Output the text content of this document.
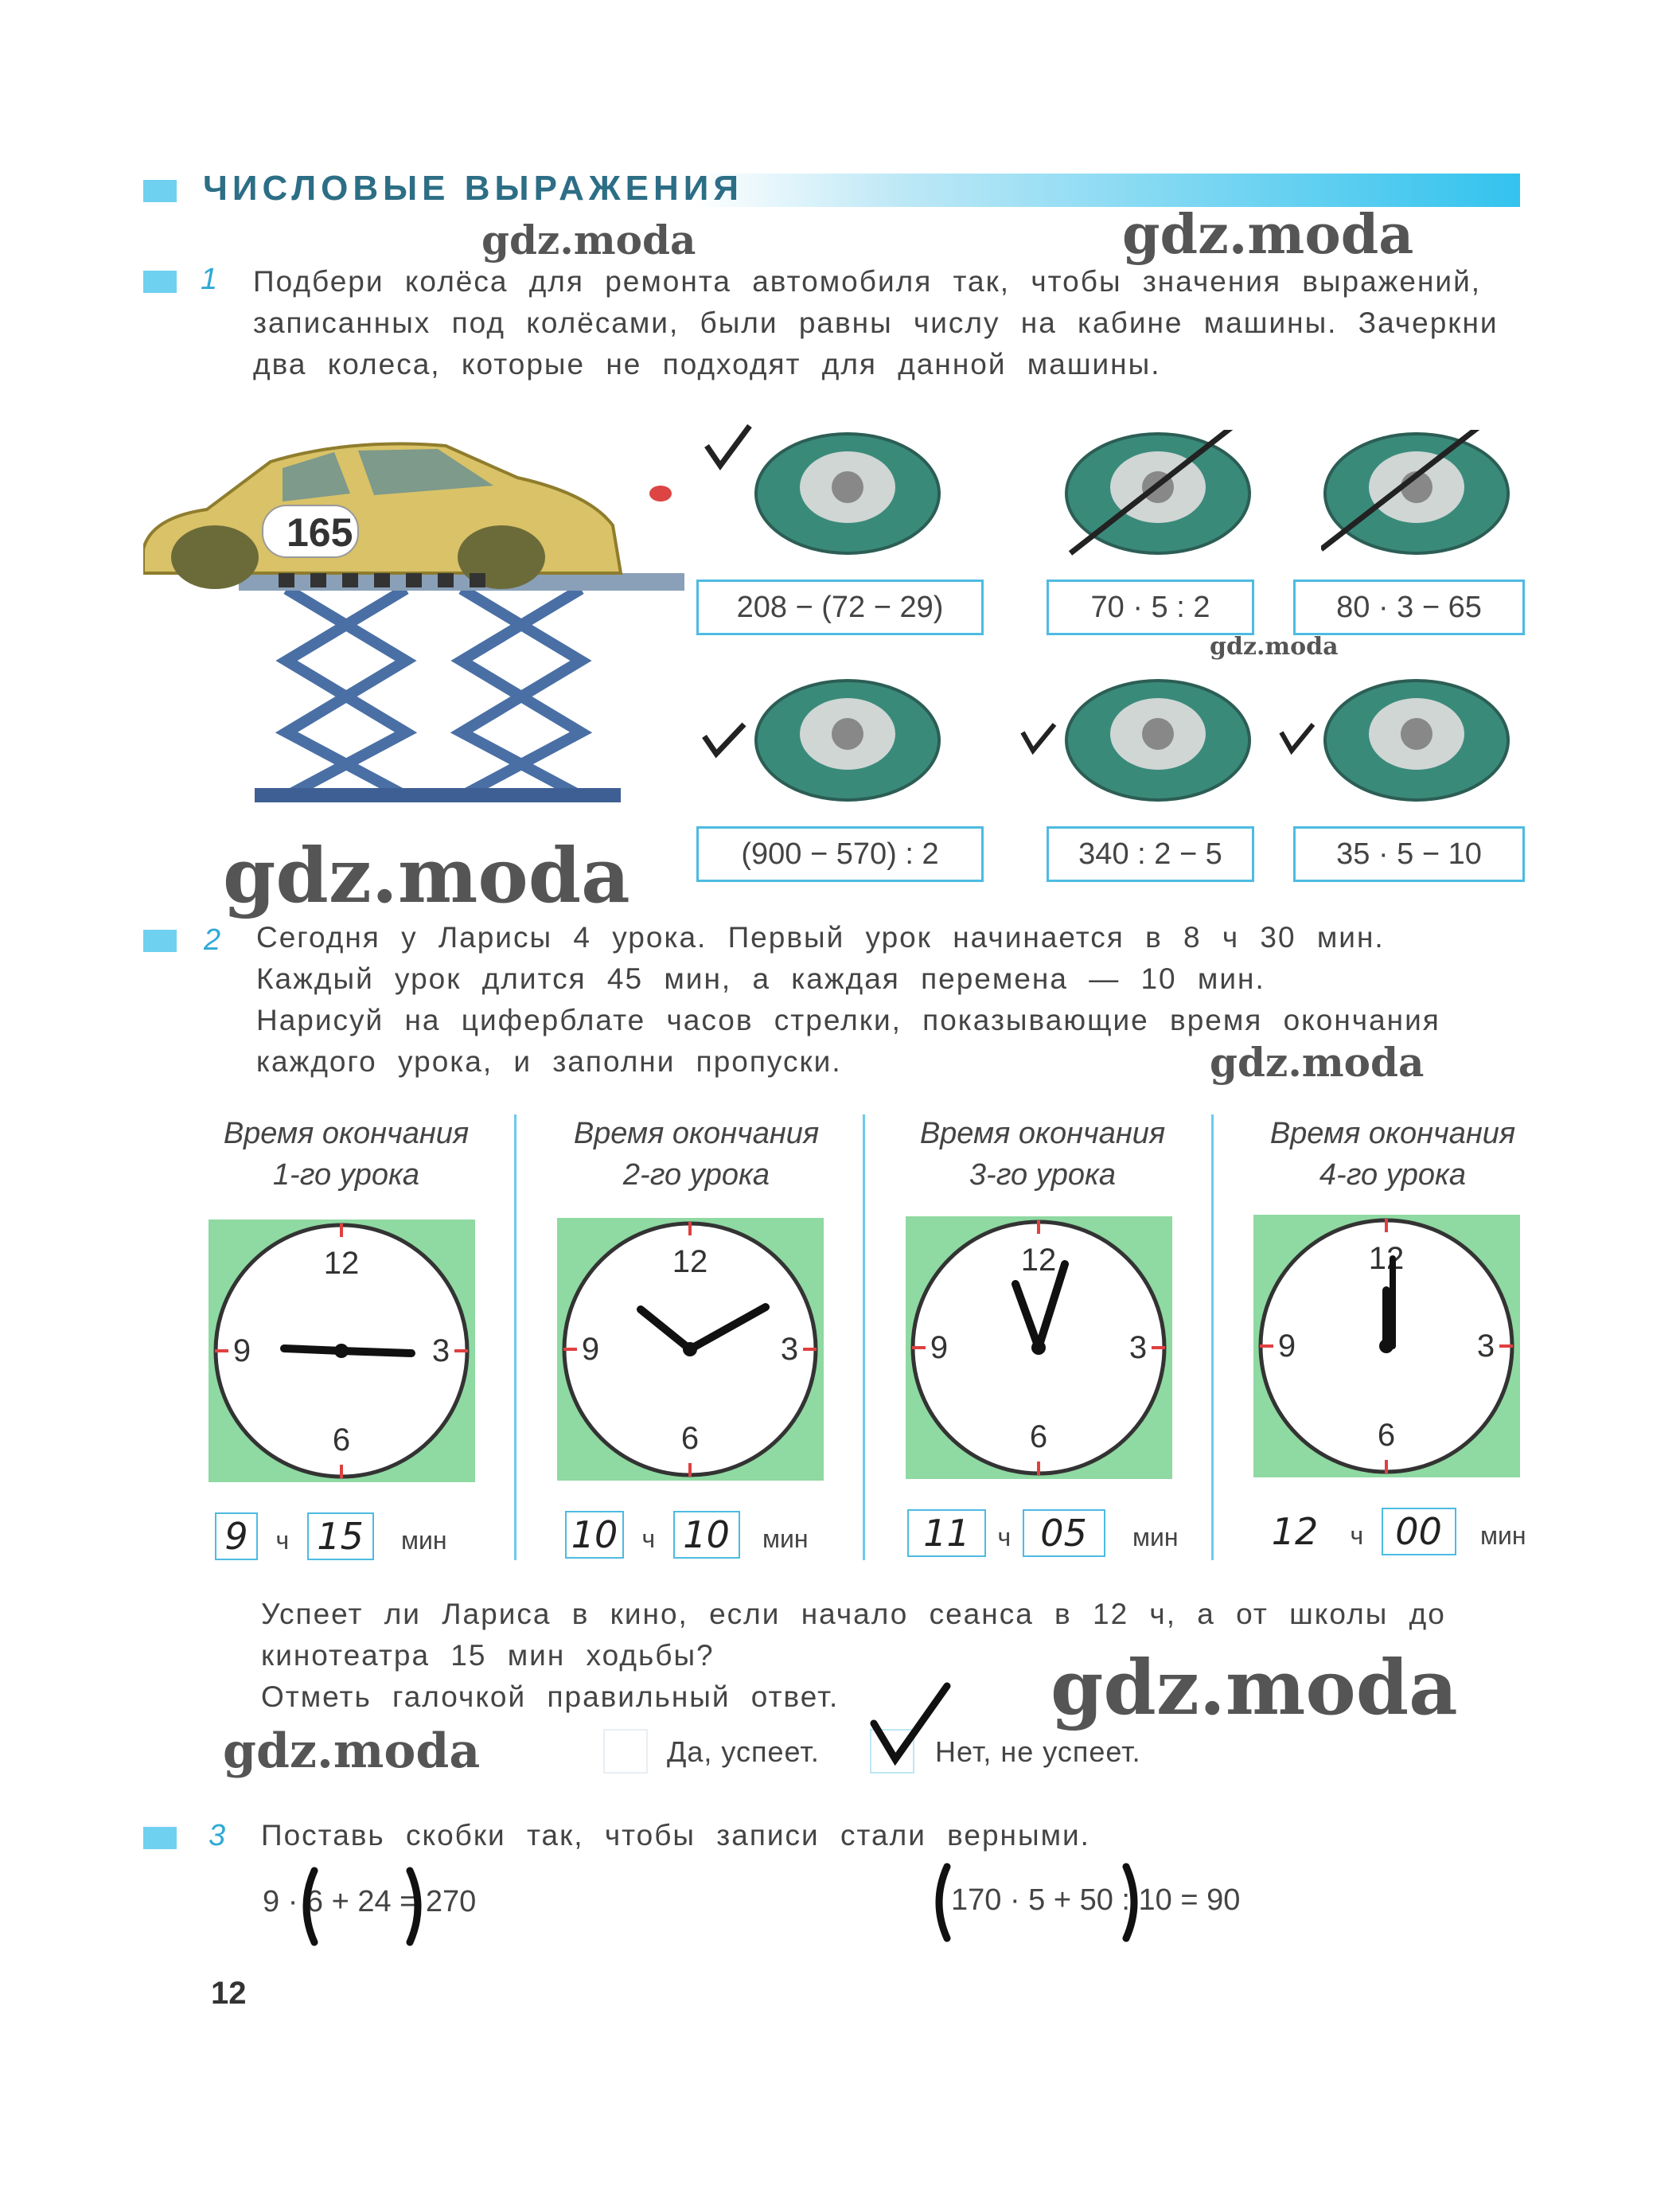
ЧИСЛОВЫЕ ВЫРАЖЕНИЯ
1 Подбери колёса для ремонта автомобиля так, чтобы значения выражений,
записанных под колёсами, были равны числу на кабине машины. Зачеркни
два колеса, которые не подходят для данной машины.
165
208 − (72 − 29)	70 · 5 : 2	80 · 3 − 65
(900 − 570) : 2	340 : 2 − 5	35 · 5 − 10
gdz.moda	gdz.moda
gdz.moda
gdz.moda
gdz.moda
gdz.moda
gdz.moda
2 Сегодня у Ларисы 4 урока. Первый урок начинается в 8 ч 30 мин.
Каждый урок длится 45 мин, а каждая перемена — 10 мин.
Нарисуй на циферблате часов стрелки, показывающие время окончания
каждого урока, и заполни пропуски.
Время окончания
1-го урока
12
3
6
9
9 ч 15 мин
Время окончания
2-го урока
12
3
6
9
10 ч 10 мин
Время окончания
3-го урока
12
3
6
9
11 ч 05 мин
Время окончания
4-го урока
12
3
6
9
12 ч 00 мин
Успеет ли Лариса в кино, если начало сеанса в 12 ч, а от школы до
кинотеатра 15 мин ходьбы?
Отметь галочкой правильный ответ.
Да, успеет.	Нет, не успеет.
3 Поставь скобки так, чтобы записи стали верными.
9 · 6 + 24 = 270	170 · 5 + 50 : 10 = 90
12
